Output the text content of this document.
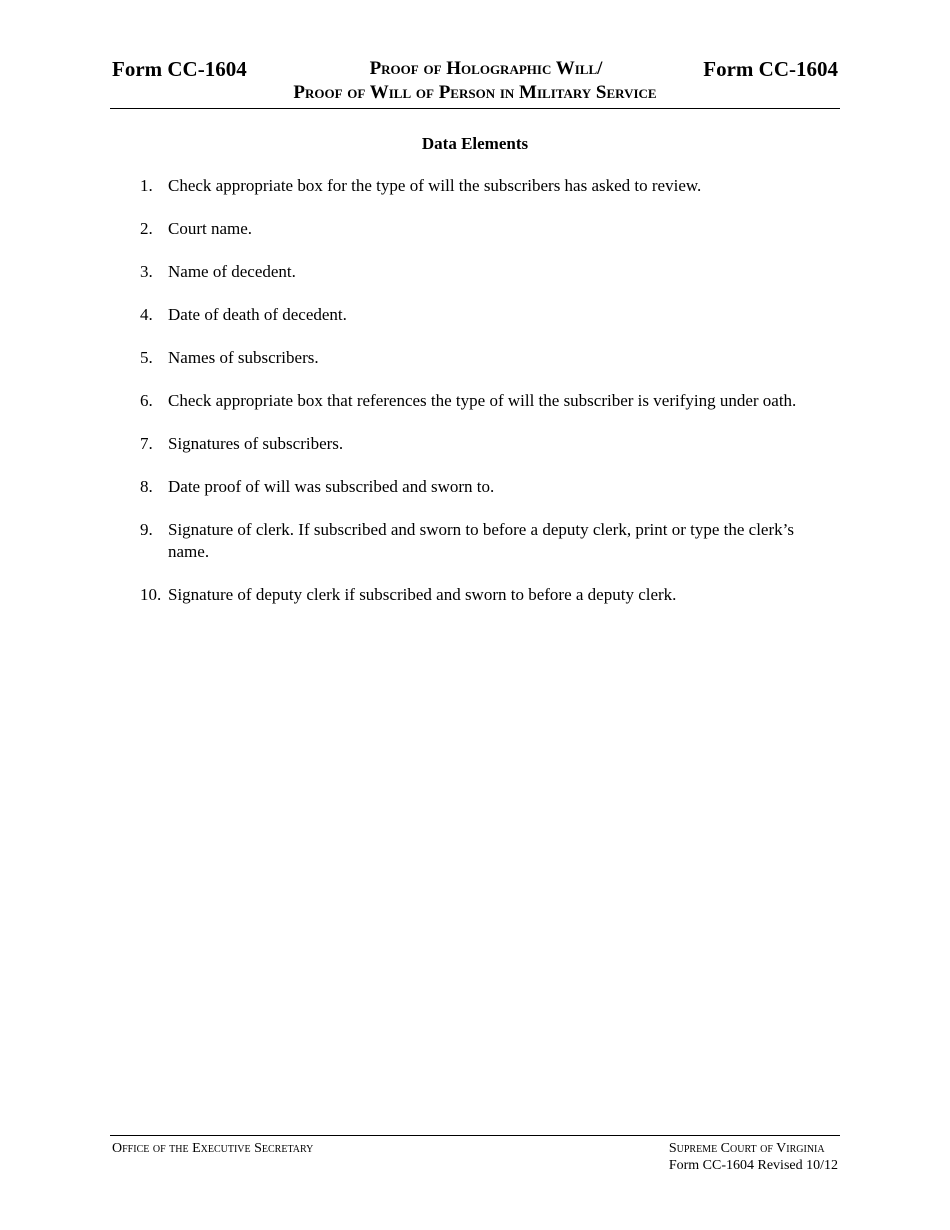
Form CC-1604	Proof of Holographic Will/
Proof of Will of Person in Military Service
Form CC-1604
Data Elements
1. Check appropriate box for the type of will the subscribers has asked to review.
2. Court name.
3. Name of decedent.
4. Date of death of decedent.
5. Names of subscribers.
6. Check appropriate box that references the type of will the subscriber is verifying under oath.
7. Signatures of subscribers.
8. Date proof of will was subscribed and sworn to.
9. Signature of clerk. If subscribed and sworn to before a deputy clerk, print or type the clerk’s name.
10. Signature of deputy clerk if subscribed and sworn to before a deputy clerk.
Office of the Executive Secretary	Supreme Court of Virginia
Form CC-1604 Revised 10/12
